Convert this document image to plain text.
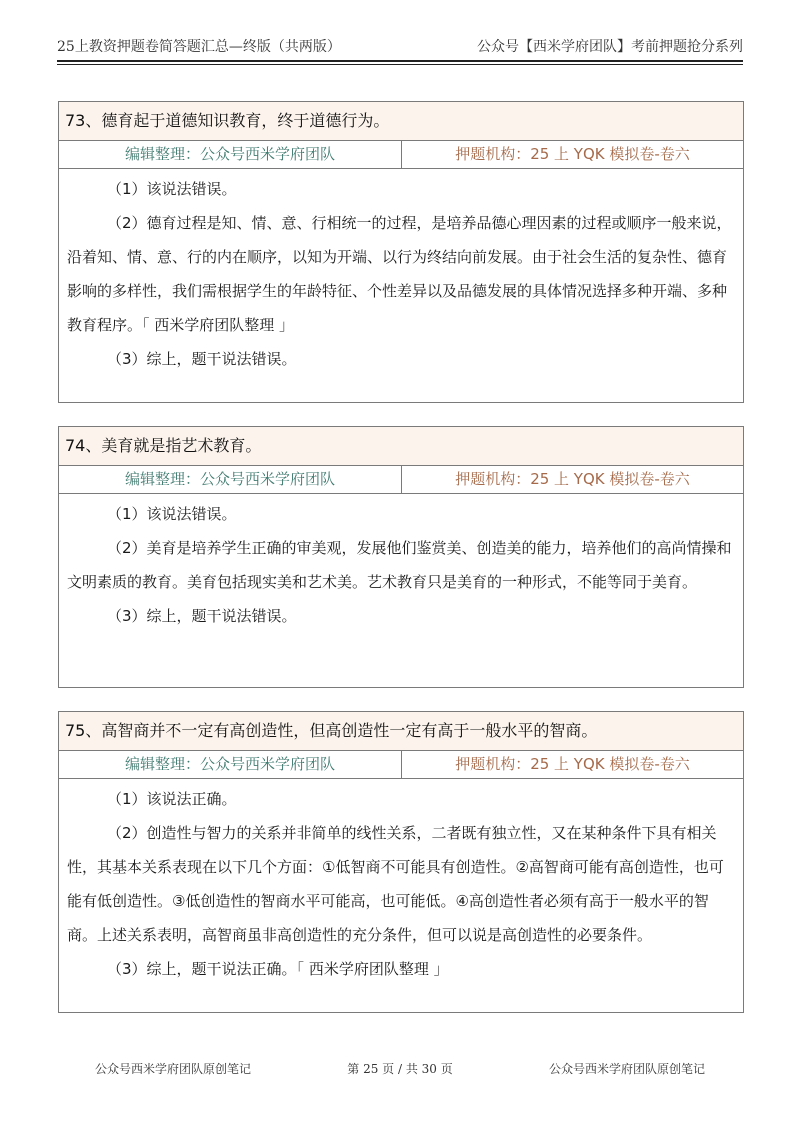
25上教资押题卷简答题汇总—终版（共两版）	公众号【西米学府团队】考前押题抢分系列
73、德育起于道德知识教育，终于道德行为。
编辑整理：公众号西米学府团队	押题机构：25 上 YQK 模拟卷-卷六

（1）该说法错误。

（2）德育过程是知、情、意、行相统一的过程，是培养品德心理因素的过程或顺序一般来说，沿着知、情、意、行的内在顺序，以知为开端、以行为终结向前发展。由于社会生活的复杂性、德育影响的多样性，我们需根据学生的年龄特征、个性差异以及品德发展的具体情况选择多种开端、多种教育程序。「 西米学府团队整理 」

（3）综上，题干说法错误。

74、美育就是指艺术教育。
编辑整理：公众号西米学府团队	押题机构：25 上 YQK 模拟卷-卷六

（1）该说法错误。

（2）美育是培养学生正确的审美观，发展他们鉴赏美、创造美的能力，培养他们的高尚情操和文明素质的教育。美育包括现实美和艺术美。艺术教育只是美育的一种形式，不能等同于美育。

（3）综上，题干说法错误。

75、高智商并不一定有高创造性，但高创造性一定有高于一般水平的智商。
编辑整理：公众号西米学府团队	押题机构：25 上 YQK 模拟卷-卷六

（1）该说法正确。

（2）创造性与智力的关系并非简单的线性关系，二者既有独立性，又在某种条件下具有相关性，其基本关系表现在以下几个方面：①低智商不可能具有创造性。②高智商可能有高创造性，也可能有低创造性。③低创造性的智商水平可能高，也可能低。④高创造性者必须有高于一般水平的智商。上述关系表明，高智商虽非高创造性的充分条件，但可以说是高创造性的必要条件。

（3）综上，题干说法正确。「 西米学府团队整理 」

公众号西米学府团队原创笔记	第 25 页 / 共 30 页	公众号西米学府团队原创笔记
